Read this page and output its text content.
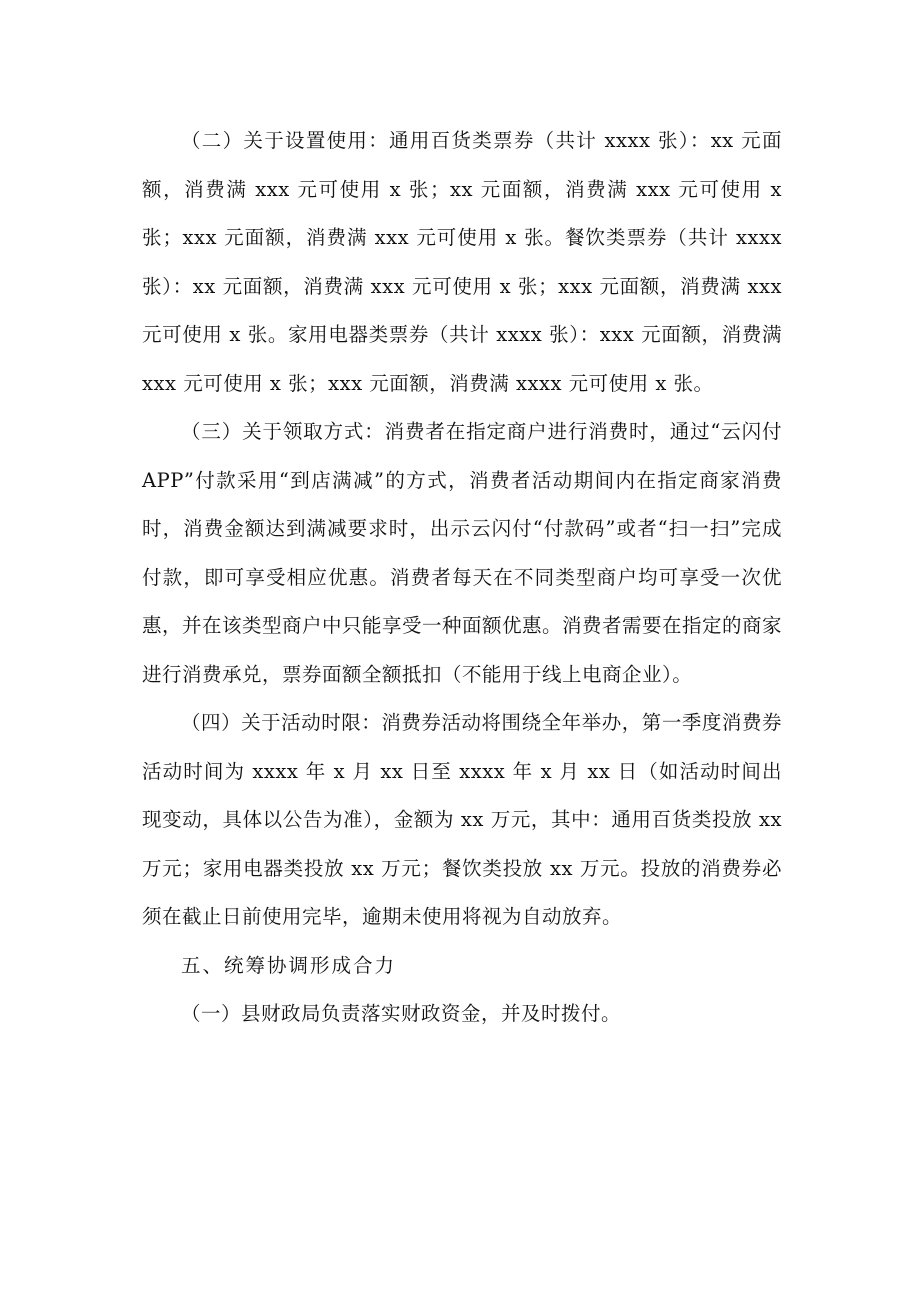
（二）关于设置使用：通用百货类票券（共计 xxxx 张）：xx 元面额，消费满 xxx 元可使用 x 张；xx 元面额，消费满 xxx 元可使用 x 张；xxx 元面额，消费满 xxx 元可使用 x 张。餐饮类票券（共计 xxxx 张）：xx 元面额，消费满 xxx 元可使用 x 张；xxx 元面额，消费满 xxx 元可使用 x 张。家用电器类票券（共计 xxxx 张）：xxx 元面额，消费满 xxx 元可使用 x 张；xxx 元面额，消费满 xxxx 元可使用 x 张。

（三）关于领取方式：消费者在指定商户进行消费时，通过“云闪付 APP”付款采用“到店满减”的方式，消费者活动期间内在指定商家消费时，消费金额达到满减要求时，出示云闪付“付款码”或者“扫一扫”完成付款，即可享受相应优惠。消费者每天在不同类型商户均可享受一次优惠，并在该类型商户中只能享受一种面额优惠。消费者需要在指定的商家进行消费承兑，票券面额全额抵扣（不能用于线上电商企业）。

（四）关于活动时限：消费券活动将围绕全年举办，第一季度消费券活动时间为 xxxx 年 x 月 xx 日至 xxxx 年 x 月 xx 日（如活动时间出现变动，具体以公告为准），金额为 xx 万元，其中：通用百货类投放 xx 万元；家用电器类投放 xx 万元；餐饮类投放 xx 万元。投放的消费券必须在截止日前使用完毕，逾期未使用将视为自动放弃。

五、统筹协调形成合力

（一）县财政局负责落实财政资金，并及时拨付。
